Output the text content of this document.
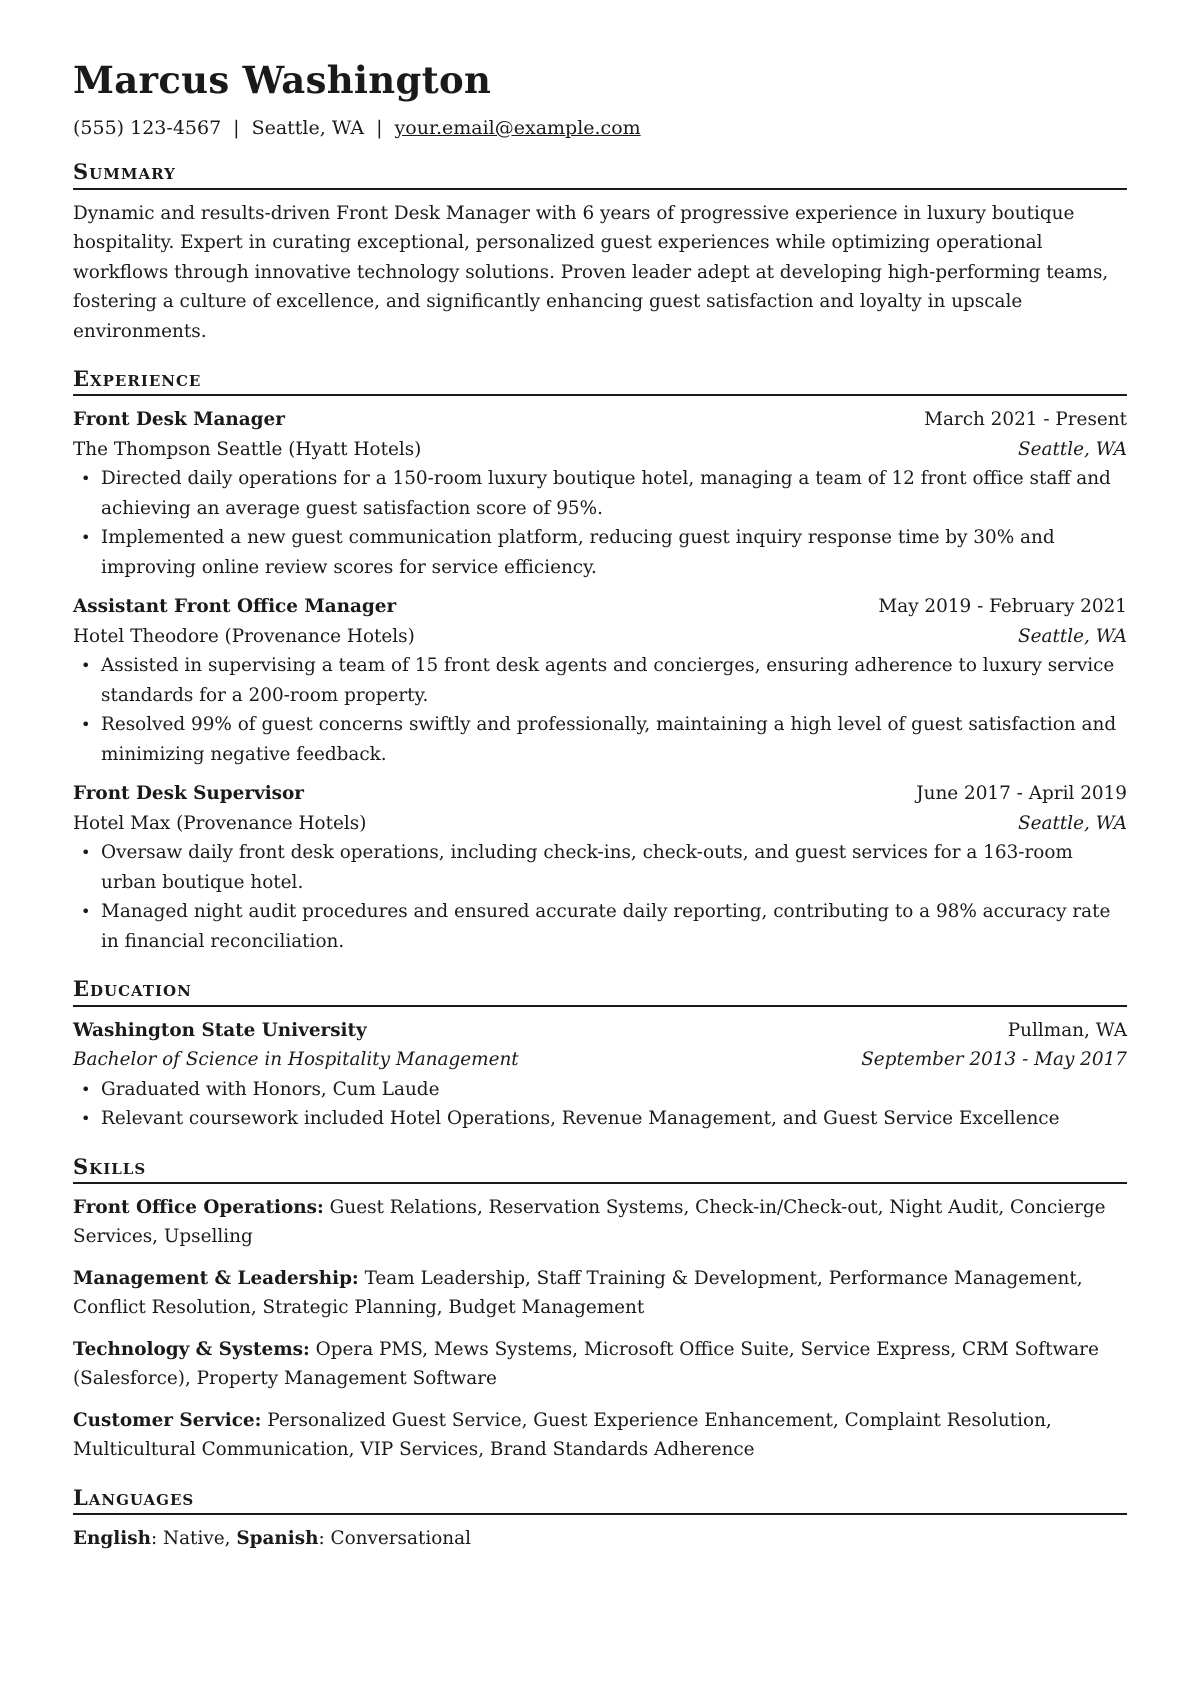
Marcus Washington
(555) 123-4567 | Seattle, WA | your.email@example.com
Summary

Dynamic and results-driven Front Desk Manager with 6 years of progressive experience in luxury boutique hospitality. Expert in curating exceptional, personalized guest experiences while optimizing operational workflows through innovative technology solutions. Proven leader adept at developing high-performing teams, fostering a culture of excellence, and significantly enhancing guest satisfaction and loyalty in upscale environments.

Experience
Front Desk Manager	March 2021 - Present
The Thompson Seattle (Hyatt Hotels)	Seattle, WA
• Directed daily operations for a 150-room luxury boutique hotel, managing a team of 12 front office staff and achieving an average guest satisfaction score of 95%.
• Implemented a new guest communication platform, reducing guest inquiry response time by 30% and improving online review scores for service efficiency.
Assistant Front Office Manager	May 2019 - February 2021
Hotel Theodore (Provenance Hotels)	Seattle, WA
• Assisted in supervising a team of 15 front desk agents and concierges, ensuring adherence to luxury service standards for a 200-room property.
• Resolved 99% of guest concerns swiftly and professionally, maintaining a high level of guest satisfaction and minimizing negative feedback.
Front Desk Supervisor	June 2017 - April 2019
Hotel Max (Provenance Hotels)	Seattle, WA
• Oversaw daily front desk operations, including check-ins, check-outs, and guest services for a 163-room urban boutique hotel.
• Managed night audit procedures and ensured accurate daily reporting, contributing to a 98% accuracy rate in financial reconciliation.
Education
Washington State University	Pullman, WA
Bachelor of Science in Hospitality Management	September 2013 - May 2017
• Graduated with Honors, Cum Laude
• Relevant coursework included Hotel Operations, Revenue Management, and Guest Service Excellence
Skills

Front Office Operations: Guest Relations, Reservation Systems, Check-in/Check-out, Night Audit, Concierge Services, Upselling

Management & Leadership: Team Leadership, Staff Training & Development, Performance Management, Conflict Resolution, Strategic Planning, Budget Management

Technology & Systems: Opera PMS, Mews Systems, Microsoft Office Suite, Service Express, CRM Software (Salesforce), Property Management Software

Customer Service: Personalized Guest Service, Guest Experience Enhancement, Complaint Resolution, Multicultural Communication, VIP Services, Brand Standards Adherence

Languages

English: Native, Spanish: Conversational
